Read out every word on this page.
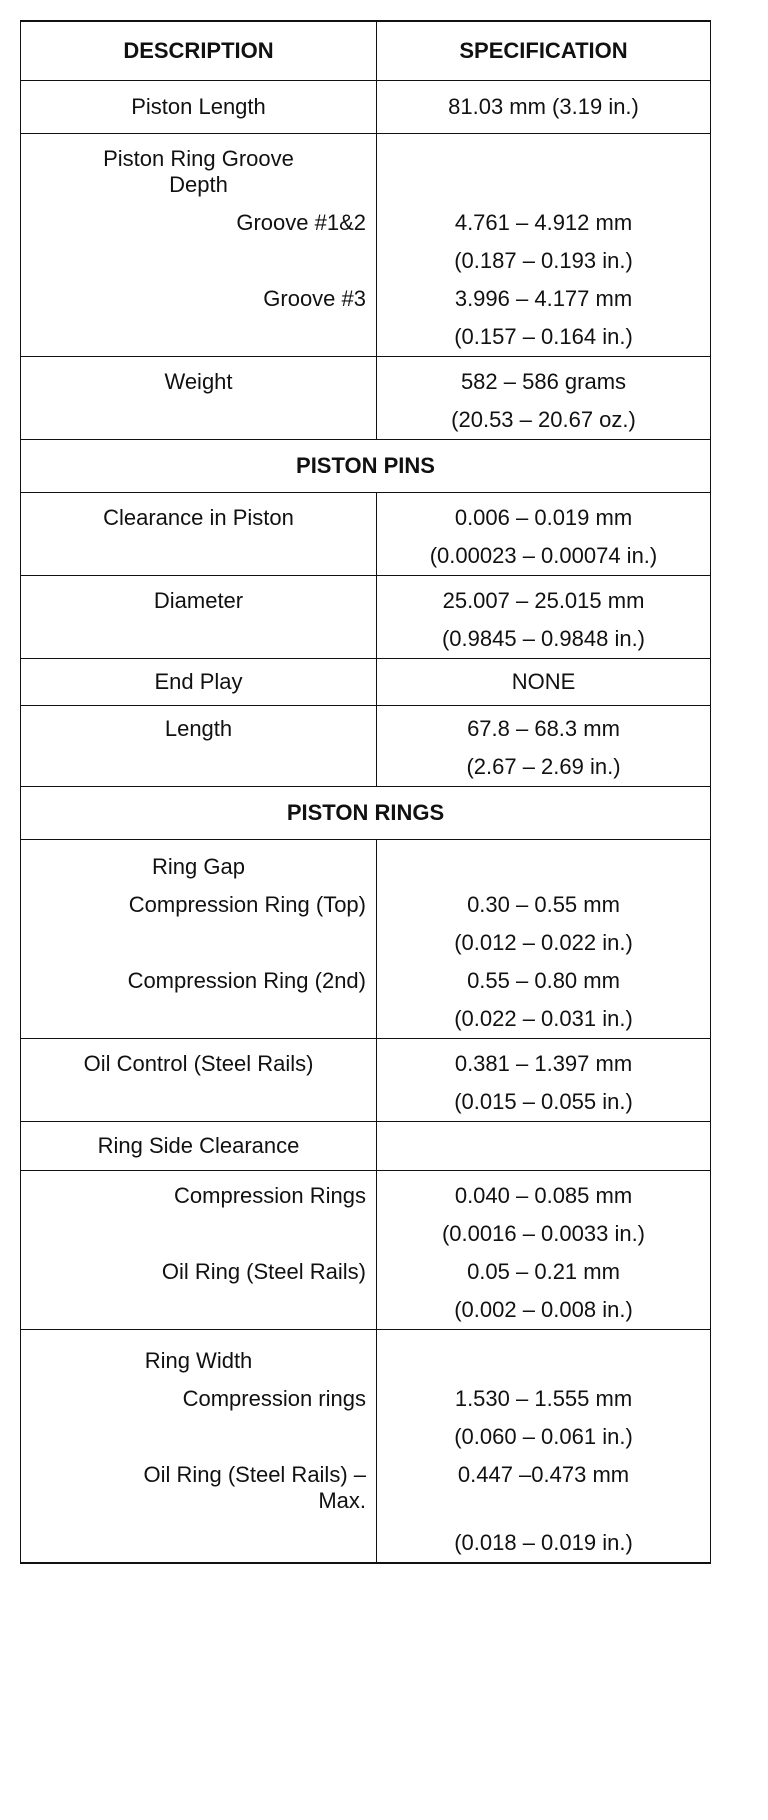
DESCRIPTION	SPECIFICATION

Piston Length	81.03 mm (3.19 in.)

Piston Ring Groove Depth	

Groove #1&2	4.761 – 4.912 mm
(0.187 – 0.193 in.)

Groove #3	3.996 – 4.177 mm
(0.157 – 0.164 in.)

Weight	582 – 586 grams
(20.53 – 20.67 oz.)

PISTON PINS	

Clearance in Piston	0.006 – 0.019 mm
(0.00023 – 0.00074 in.)

Diameter	25.007 – 25.015 mm
(0.9845 – 0.9848 in.)

End Play	NONE

Length	67.8 – 68.3 mm
(2.67 – 2.69 in.)

PISTON RINGS	

Ring Gap	

Compression Ring (Top)	0.30 – 0.55 mm
(0.012 – 0.022 in.)

Compression Ring (2nd)	0.55 – 0.80 mm
(0.022 – 0.031 in.)

Oil Control (Steel Rails)	0.381 – 1.397 mm
(0.015 – 0.055 in.)

Ring Side Clearance	

Compression Rings	0.040 – 0.085 mm
(0.0016 – 0.0033 in.)

Oil Ring (Steel Rails)	0.05 – 0.21 mm
(0.002 – 0.008 in.)

Ring Width	

Compression rings	1.530 – 1.555 mm
(0.060 – 0.061 in.)

Oil Ring (Steel Rails) – Max.	0.447 –0.473 mm
(0.018 – 0.019 in.)
